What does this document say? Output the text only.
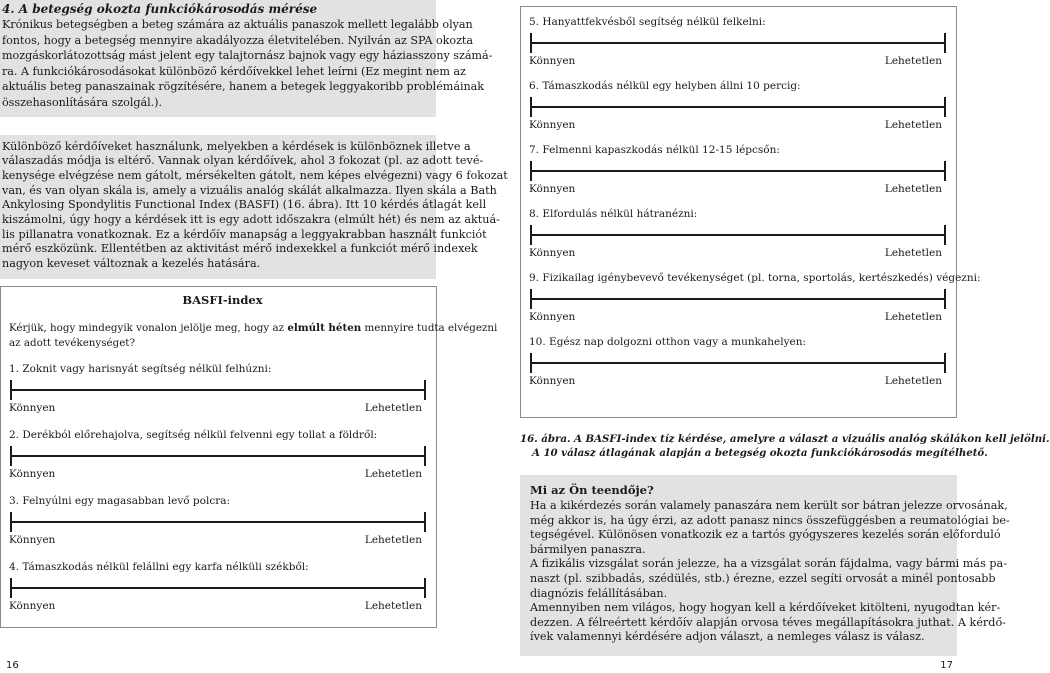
4. A betegség okozta funkciókárosodás mérése
Krónikus betegségben a beteg számára az aktuális panaszok mellett legalább olyan
fontos, hogy a betegség mennyire akadályozza életvitelében. Nyilván az SPA okozta
mozgáskorlátozottság mást jelent egy talajtornász bajnok vagy egy háziasszony számá-
ra. A funkciókárosodásokat különböző kérdőívekkel lehet leírni (Ez megint nem az
aktuális beteg panaszainak rögzítésére, hanem a betegek leggyakoribb problémáinak
összehasonlítására szolgál.).
Különböző kérdőíveket használunk, melyekben a kérdések is különböznek illetve a
válaszadás módja is eltérő. Vannak olyan kérdőívek, ahol 3 fokozat (pl. az adott tevé-
kenysége elvégzése nem gátolt, mérsékelten gátolt, nem képes elvégezni) vagy 6 fokozat
van, és van olyan skála is, amely a vizuális analóg skálát alkalmazza. Ilyen skála a Bath
Ankylosing Spondylitis Functional Index (BASFI) (16. ábra). Itt 10 kérdés átlagát kell
kiszámolni, úgy hogy a kérdések itt is egy adott időszakra (elmúlt hét) és nem az aktuá-
lis pillanatra vonatkoznak. Ez a kérdőív manapság a leggyakrabban használt funkciót
mérő eszközünk. Ellentétben az aktivitást mérő indexekkel a funkciót mérő indexek
nagyon keveset változnak a kezelés hatására.
BASFI-index
Kérjük, hogy mindegyik vonalon jelölje meg, hogy az elmúlt héten mennyire tudta elvégezni
az adott tevékenységet?
1. Zoknit vagy harisnyát segítség nélkül felhúzni:
Könnyen	Lehetetlen
2. Derékból előrehajolva, segítség nélkül felvenni egy tollat a földről:
Könnyen	Lehetetlen
3. Felnyúlni egy magasabban levő polcra:
Könnyen	Lehetetlen
4. Támaszkodás nélkül felállni egy karfa nélküli székből:
Könnyen	Lehetetlen
5. Hanyattfekvésből segítség nélkül felkelni:
Könnyen	Lehetetlen
6. Támaszkodás nélkül egy helyben állni 10 percig:
Könnyen	Lehetetlen
7. Felmenni kapaszkodás nélkül 12-15 lépcsőn:
Könnyen	Lehetetlen
8. Elfordulás nélkül hátranézni:
Könnyen	Lehetetlen
9. Fizikailag igénybevevő tevékenységet (pl. torna, sportolás, kertészkedés) végezni:
Könnyen	Lehetetlen
10. Egész nap dolgozni otthon vagy a munkahelyen:
Könnyen	Lehetetlen
16. ábra. A BASFI-index tíz kérdése, amelyre a választ a vizuális analóg skálákon kell jelölni.
A 10 válasz átlagának alapján a betegség okozta funkciókárosodás megítélhető.
Mi az Ön teendője?
Ha a kikérdezés során valamely panaszára nem került sor bátran jelezze orvosának,
még akkor is, ha úgy érzi, az adott panasz nincs összefüggésben a reumatológiai be-
tegségével. Különösen vonatkozik ez a tartós gyógyszeres kezelés során előforduló
bármilyen panaszra.
A fizikális vizsgálat során jelezze, ha a vizsgálat során fájdalma, vagy bármi más pa-
naszt (pl. szibbadás, szédülés, stb.) érezne, ezzel segíti orvosát a minél pontosabb
diagnózis felállításában.
Amennyiben nem világos, hogy hogyan kell a kérdőíveket kitölteni, nyugodtan kér-
dezzen. A félreértett kérdőív alapján orvosa téves megállapításokra juthat. A kérdő-
ívek valamennyi kérdésére adjon választ, a nemleges válasz is válasz.
16	17
